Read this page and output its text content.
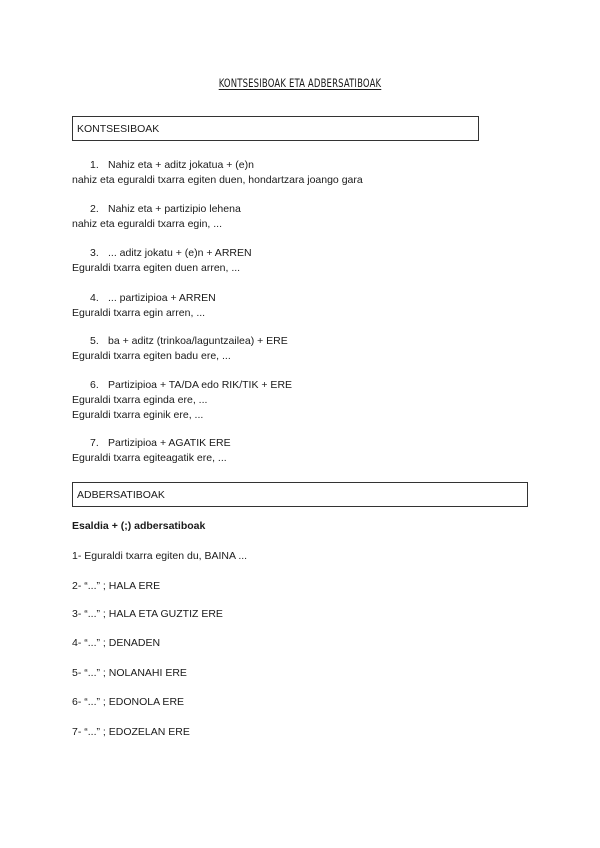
KONTSESIBOAK ETA ADBERSATIBOAK
KONTSESIBOAK
1. Nahiz eta + aditz jokatua + (e)n
nahiz eta eguraldi txarra egiten duen, hondartzara joango gara
2. Nahiz eta + partizipio lehena
nahiz eta eguraldi txarra egin, ...
3. ... aditz jokatu + (e)n + ARREN
Eguraldi txarra egiten duen arren, ...
4. ... partizipioa + ARREN
Eguraldi txarra egin arren, ...
5. ba + aditz (trinkoa/laguntzailea) + ERE
Eguraldi txarra egiten badu ere, ...
6. Partizipioa + TA/DA edo RIK/TIK + ERE
Eguraldi txarra eginda ere, ...
Eguraldi txarra eginik ere, ...
7. Partizipioa + AGATIK ERE
Eguraldi txarra egiteagatik ere, ...
ADBERSATIBOAK
Esaldia + (;) adbersatiboak
1- Eguraldi txarra egiten du, BAINA ...
2- “...” ; HALA ERE
3- “...” ; HALA ETA GUZTIZ ERE
4- “...” ; DENADEN
5- “...” ; NOLANAHI ERE
6- “...” ; EDONOLA ERE
7- “...” ; EDOZELAN ERE
